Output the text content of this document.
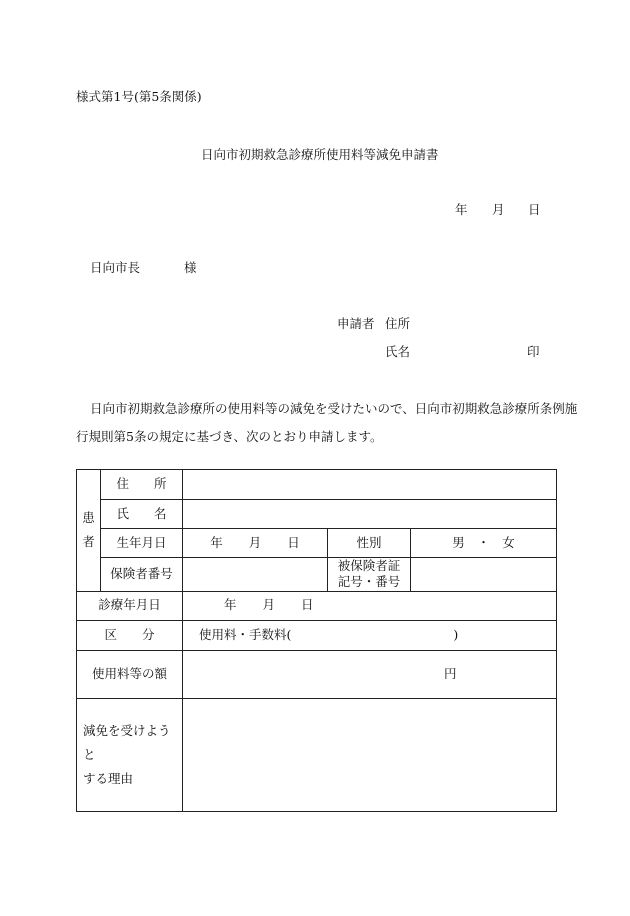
様式第1号(第5条関係)
日向市初期救急診療所使用料等減免申請書
年 月 日
日向市長	様
申請者 住所
氏名	印
日向市初期救急診療所の使用料等の減免を受けたいので、日向市初期救急診療所条例施
行規則第5条の規定に基づき、次のとおり申請します。
患
者	住　　所			
	氏　　名			
	生年月日	年 月 日	性別	男　・　女
	保険者番号		被保険者証
記号・番号	

診療年月日		年 月 日		
区　　分		使用料・手数料( )		
使用料等の額		円		

減免を受けようと
する理由				
